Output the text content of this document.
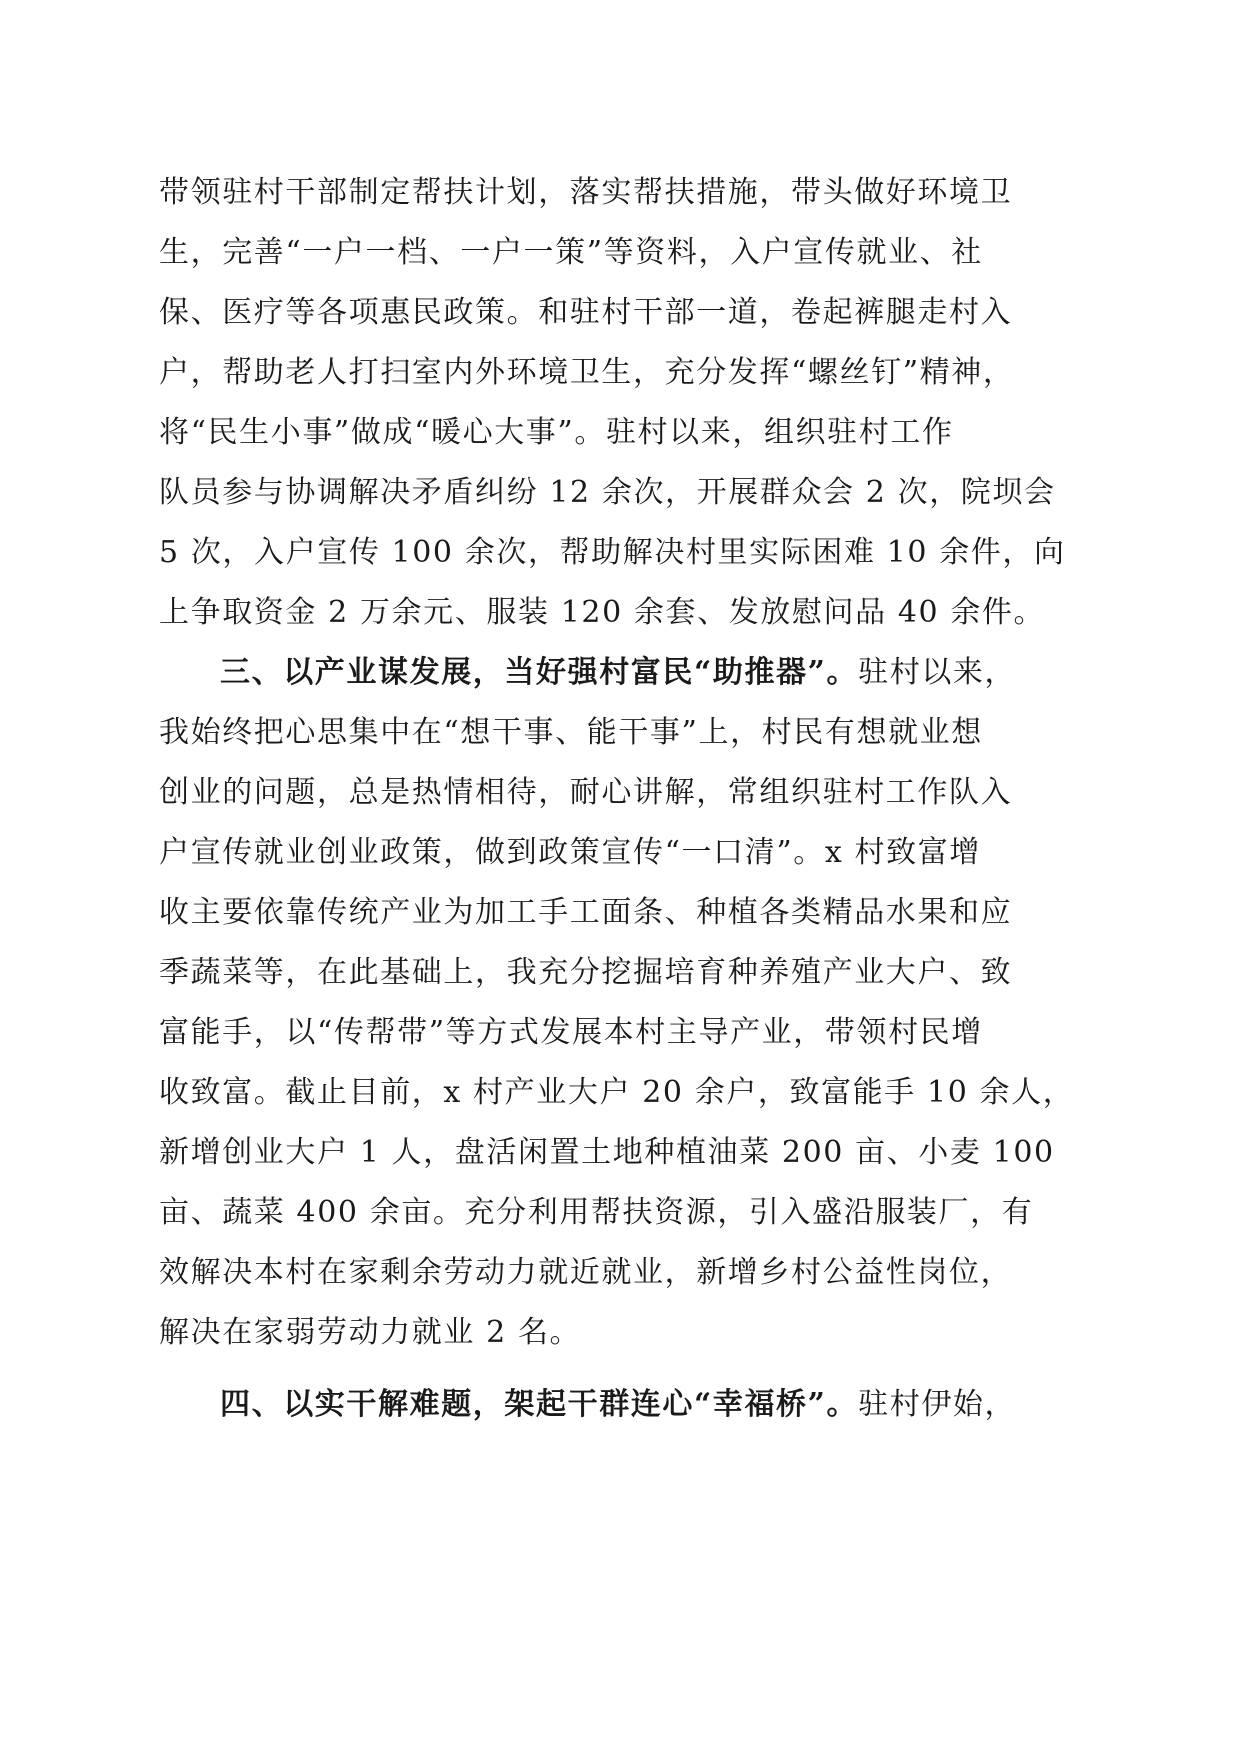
带领驻村干部制定帮扶计划，落实帮扶措施，带头做好环境卫
生，完善“一户一档、一户一策”等资料，入户宣传就业、社
保、医疗等各项惠民政策。和驻村干部一道，卷起裤腿走村入
户，帮助老人打扫室内外环境卫生，充分发挥“螺丝钉”精神，
将“民生小事”做成“暖心大事”。驻村以来，组织驻村工作
队员参与协调解决矛盾纠纷 12 余次，开展群众会 2 次，院坝会
5 次，入户宣传 100 余次，帮助解决村里实际困难 10 余件，向
上争取资金 2 万余元、服装 120 余套、发放慰问品 40 余件。
三、以产业谋发展，当好强村富民“助推器”。驻村以来，
我始终把心思集中在“想干事、能干事”上，村民有想就业想
创业的问题，总是热情相待，耐心讲解，常组织驻村工作队入
户宣传就业创业政策，做到政策宣传“一口清”。x 村致富增
收主要依靠传统产业为加工手工面条、种植各类精品水果和应
季蔬菜等，在此基础上，我充分挖掘培育种养殖产业大户、致
富能手，以“传帮带”等方式发展本村主导产业，带领村民增
收致富。截止目前，x 村产业大户 20 余户，致富能手 10 余人，
新增创业大户 1 人，盘活闲置土地种植油菜 200 亩、小麦 100
亩、蔬菜 400 余亩。充分利用帮扶资源，引入盛沿服装厂，有
效解决本村在家剩余劳动力就近就业，新增乡村公益性岗位，
解决在家弱劳动力就业 2 名。
四、以实干解难题，架起干群连心“幸福桥”。驻村伊始，
